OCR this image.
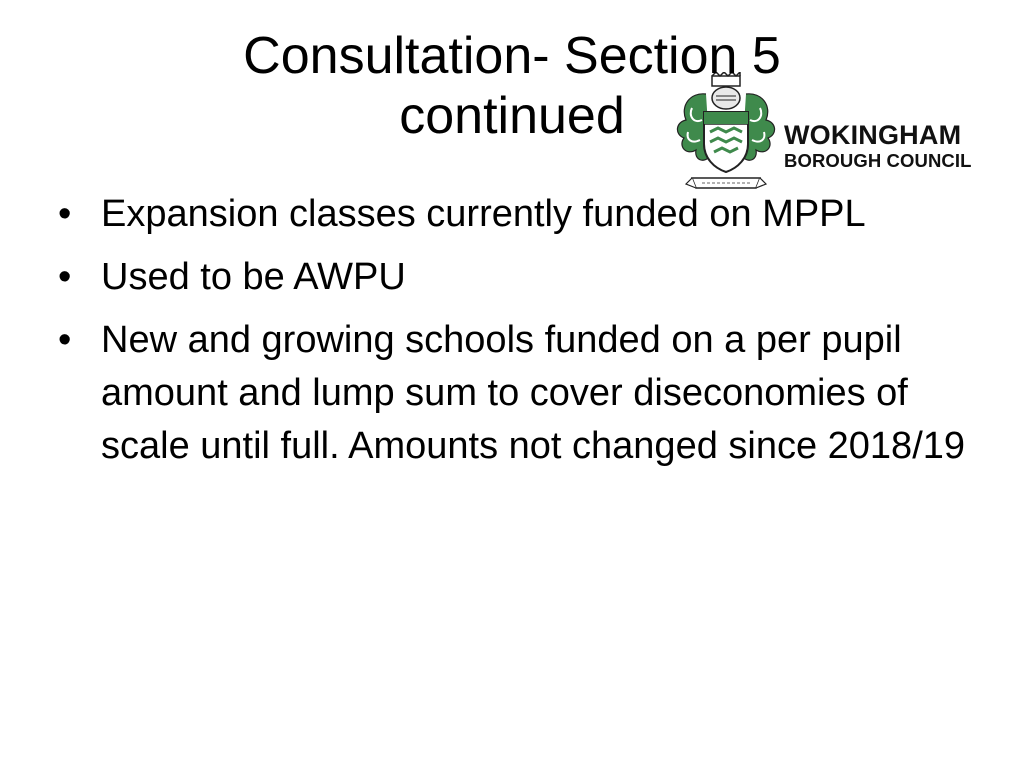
Consultation- Section 5
continued	WOKINGHAM
BOROUGH COUNCIL
• Expansion classes currently funded on MPPL
• Used to be AWPU
• New and growing schools funded on a per pupil amount and lump sum to cover diseconomies of scale until full. Amounts not changed since 2018/19
